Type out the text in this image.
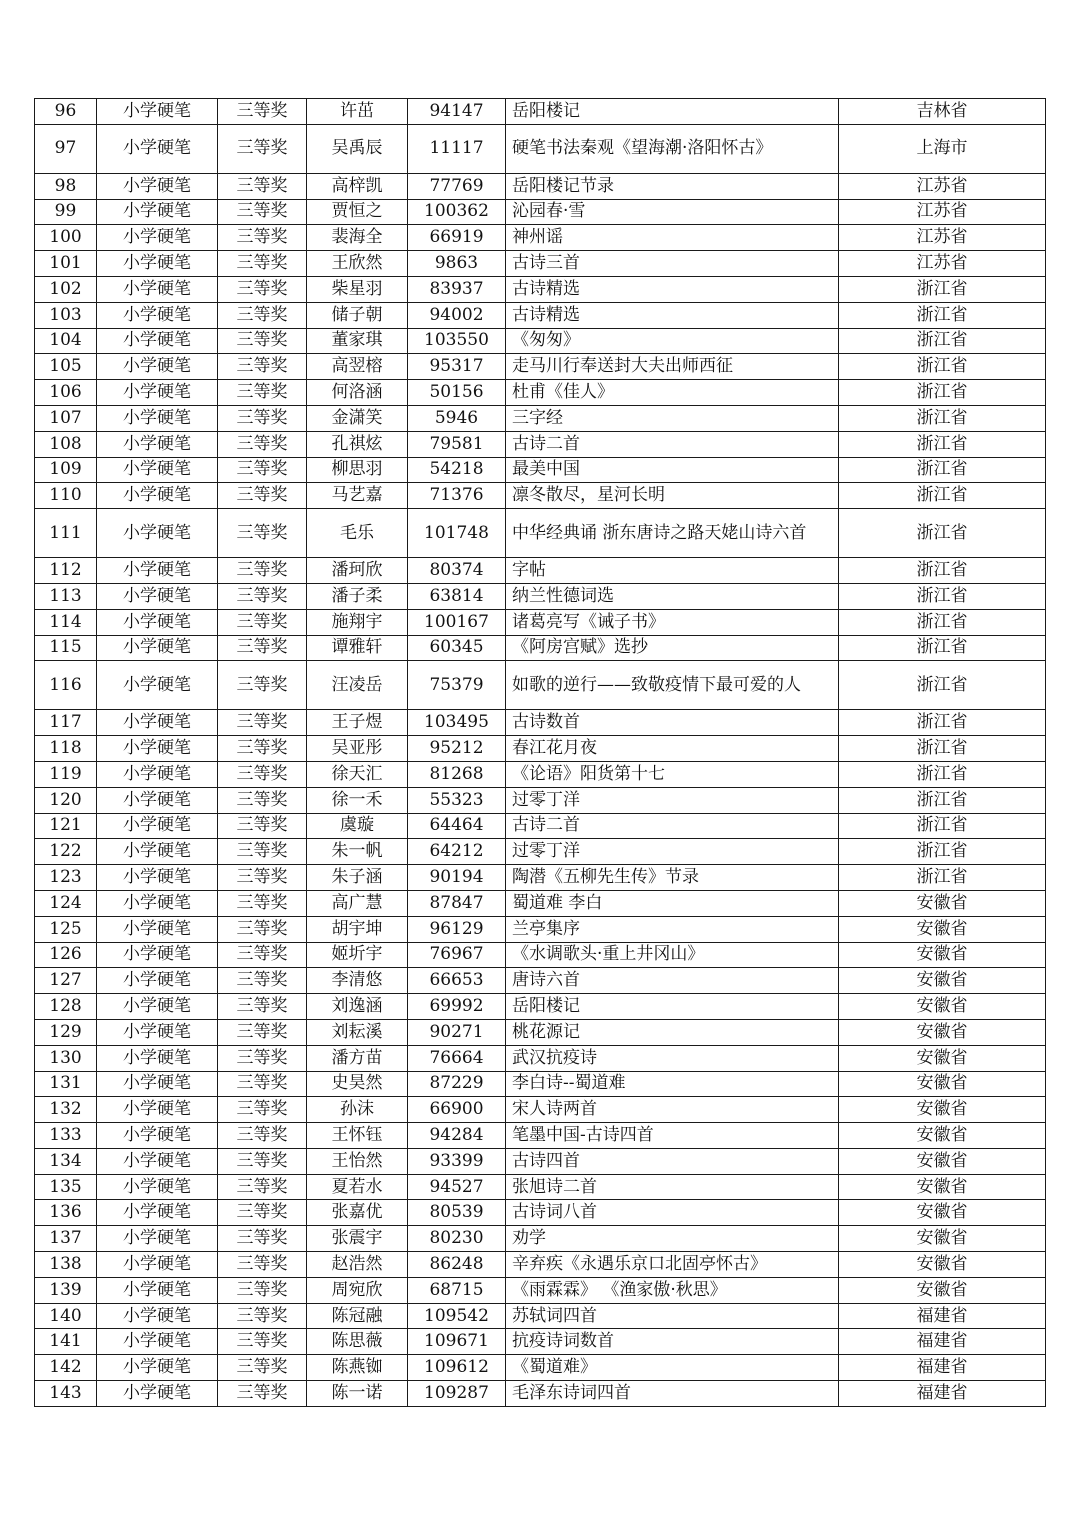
96	小学硬笔	三等奖	许茁	94147	岳阳楼记	吉林省
97	小学硬笔	三等奖	吴禹辰	11117	硬笔书法秦观《望海潮·洛阳怀古》	上海市
98	小学硬笔	三等奖	高梓凯	77769	岳阳楼记节录	江苏省
99	小学硬笔	三等奖	贾恒之	100362	沁园春·雪	江苏省
100	小学硬笔	三等奖	裴海全	66919	神州谣	江苏省
101	小学硬笔	三等奖	王欣然	9863	古诗三首	江苏省
102	小学硬笔	三等奖	柴星羽	83937	古诗精选	浙江省
103	小学硬笔	三等奖	储子朝	94002	古诗精选	浙江省
104	小学硬笔	三等奖	董家琪	103550	《匆匆》	浙江省
105	小学硬笔	三等奖	高翌榕	95317	走马川行奉送封大夫出师西征	浙江省
106	小学硬笔	三等奖	何洛涵	50156	杜甫《佳人》	浙江省
107	小学硬笔	三等奖	金潇笑	5946	三字经	浙江省
108	小学硬笔	三等奖	孔祺炫	79581	古诗二首	浙江省
109	小学硬笔	三等奖	柳思羽	54218	最美中国	浙江省
110	小学硬笔	三等奖	马艺嘉	71376	凛冬散尽，星河长明	浙江省
111	小学硬笔	三等奖	毛乐	101748	中华经典诵 浙东唐诗之路天姥山诗六首	浙江省
112	小学硬笔	三等奖	潘珂欣	80374	字帖	浙江省
113	小学硬笔	三等奖	潘子柔	63814	纳兰性德词选	浙江省
114	小学硬笔	三等奖	施翔宇	100167	诸葛亮写《诫子书》	浙江省
115	小学硬笔	三等奖	谭雅轩	60345	《阿房宫赋》选抄	浙江省
116	小学硬笔	三等奖	汪凌岳	75379	如歌的逆行——致敬疫情下最可爱的人	浙江省
117	小学硬笔	三等奖	王子煜	103495	古诗数首	浙江省
118	小学硬笔	三等奖	吴亚彤	95212	春江花月夜	浙江省
119	小学硬笔	三等奖	徐天汇	81268	《论语》阳货第十七	浙江省
120	小学硬笔	三等奖	徐一禾	55323	过零丁洋	浙江省
121	小学硬笔	三等奖	虞璇	64464	古诗二首	浙江省
122	小学硬笔	三等奖	朱一帆	64212	过零丁洋	浙江省
123	小学硬笔	三等奖	朱子涵	90194	陶潜《五柳先生传》节录	浙江省
124	小学硬笔	三等奖	高广慧	87847	蜀道难 李白	安徽省
125	小学硬笔	三等奖	胡宇坤	96129	兰亭集序	安徽省
126	小学硬笔	三等奖	姬圻宇	76967	《水调歌头·重上井冈山》	安徽省
127	小学硬笔	三等奖	李清悠	66653	唐诗六首	安徽省
128	小学硬笔	三等奖	刘逸涵	69992	岳阳楼记	安徽省
129	小学硬笔	三等奖	刘耘溪	90271	桃花源记	安徽省
130	小学硬笔	三等奖	潘方苗	76664	武汉抗疫诗	安徽省
131	小学硬笔	三等奖	史昊然	87229	李白诗--蜀道难	安徽省
132	小学硬笔	三等奖	孙沫	66900	宋人诗两首	安徽省
133	小学硬笔	三等奖	王怀钰	94284	笔墨中国-古诗四首	安徽省
134	小学硬笔	三等奖	王怡然	93399	古诗四首	安徽省
135	小学硬笔	三等奖	夏若水	94527	张旭诗二首	安徽省
136	小学硬笔	三等奖	张嘉优	80539	古诗词八首	安徽省
137	小学硬笔	三等奖	张震宇	80230	劝学	安徽省
138	小学硬笔	三等奖	赵浩然	86248	辛弃疾《永遇乐京口北固亭怀古》	安徽省
139	小学硬笔	三等奖	周宛欣	68715	《雨霖霖》 《渔家傲·秋思》	安徽省
140	小学硬笔	三等奖	陈冠融	109542	苏轼词四首	福建省
141	小学硬笔	三等奖	陈思薇	109671	抗疫诗词数首	福建省
142	小学硬笔	三等奖	陈燕铷	109612	《蜀道难》	福建省
143	小学硬笔	三等奖	陈一诺	109287	毛泽东诗词四首	福建省
